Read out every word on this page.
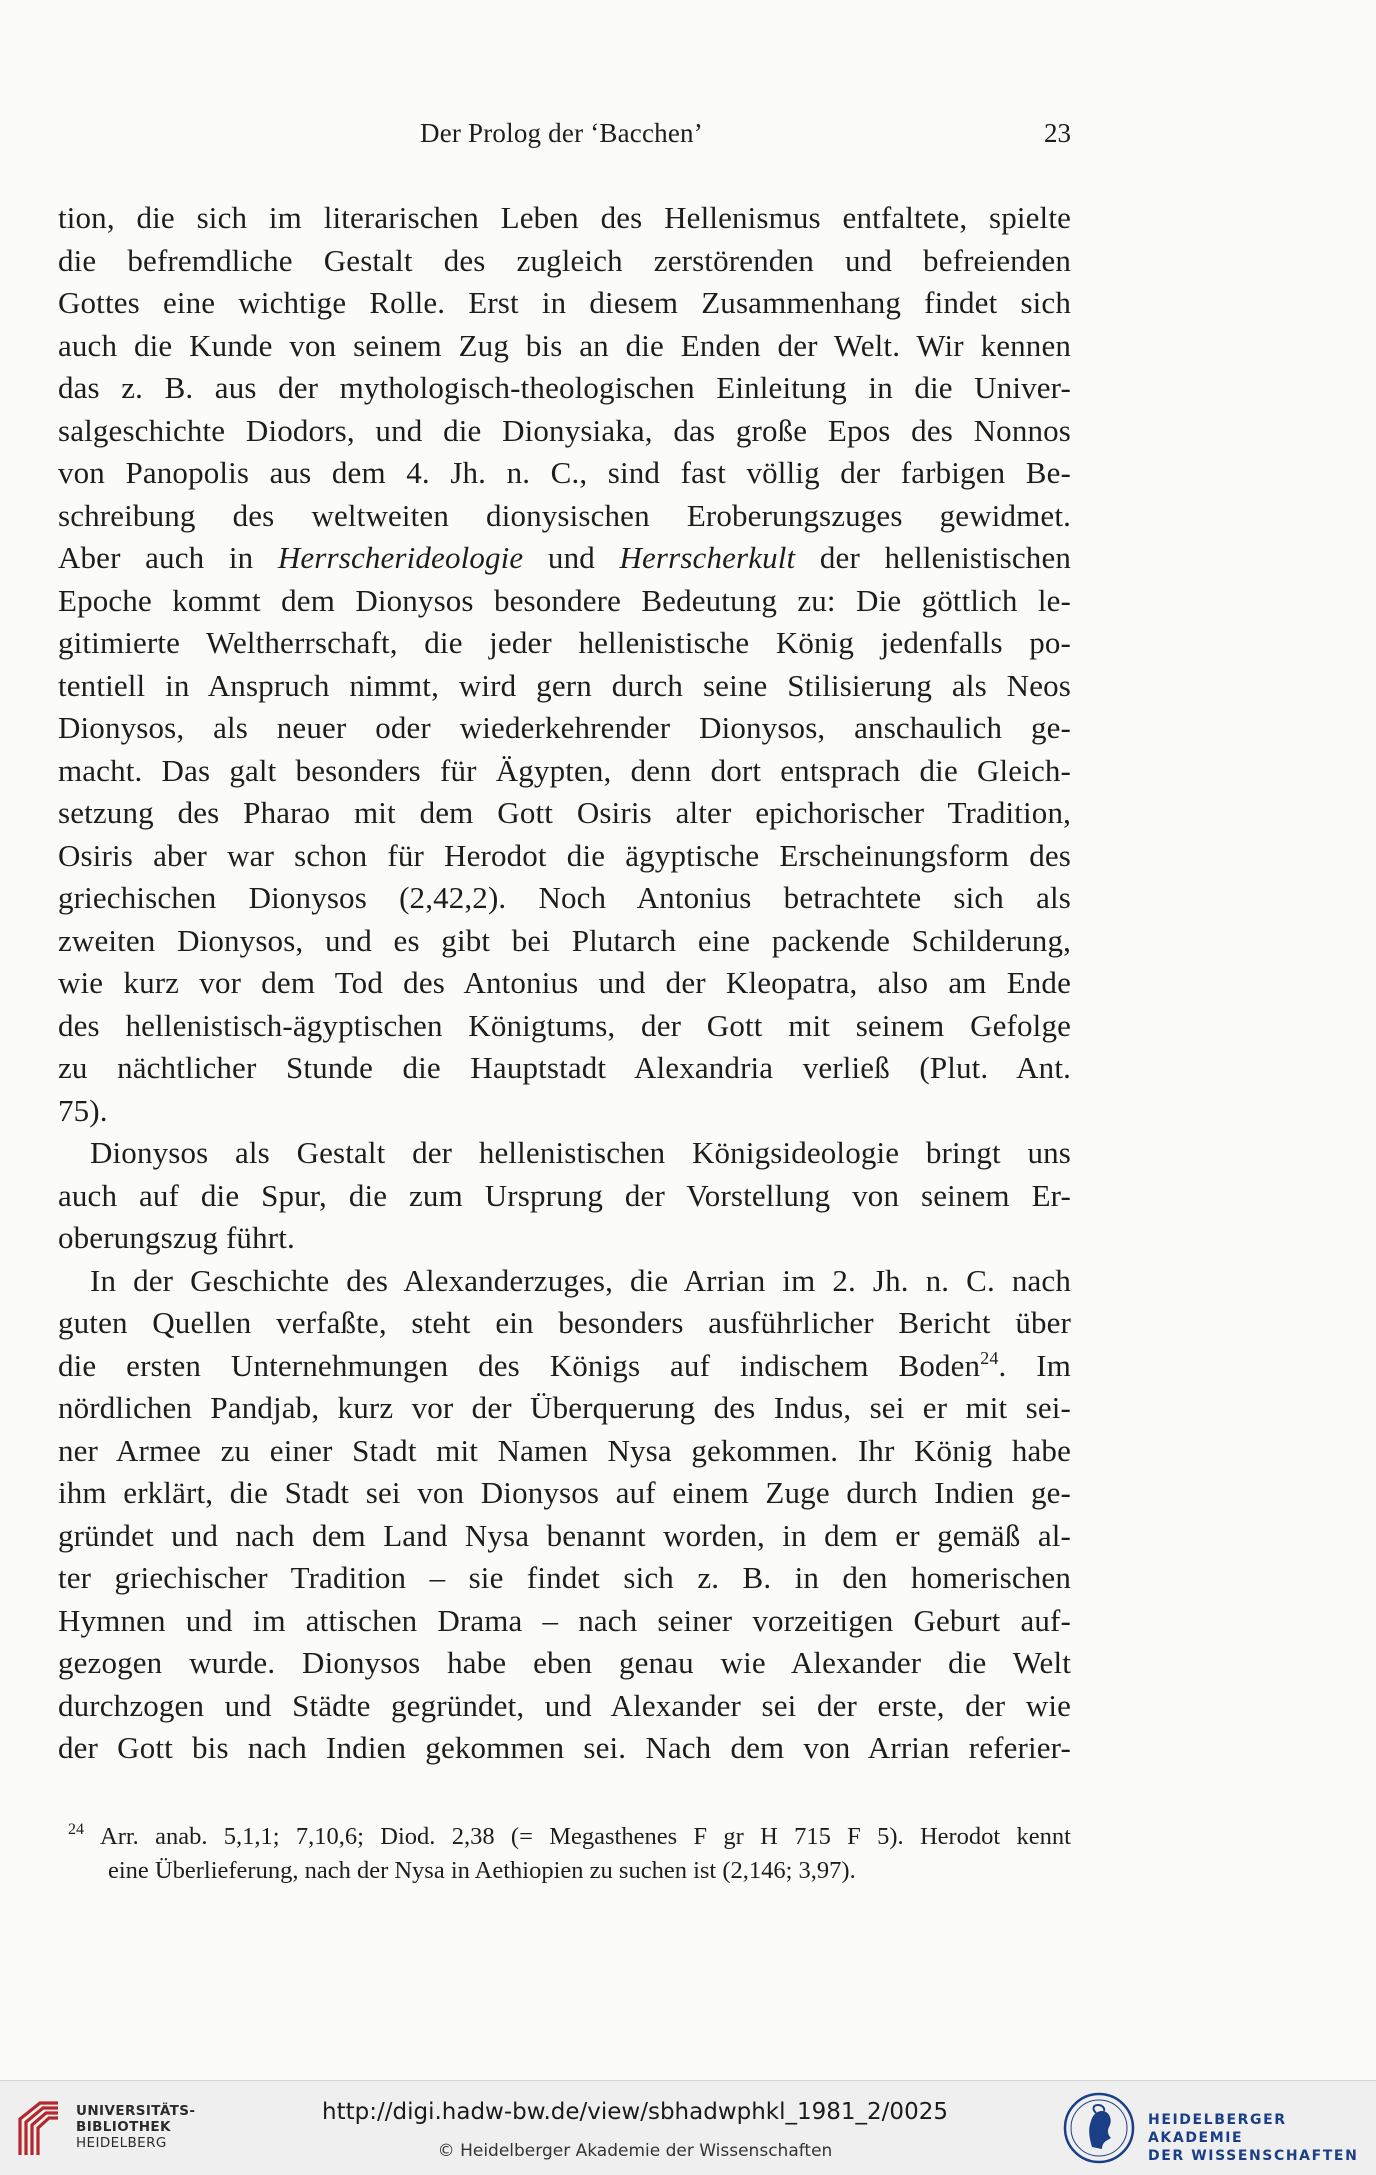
Der Prolog der ‘Bacchen’	23
tion, die sich im literarischen Leben des Hellenismus entfaltete, spielte
die befremdliche Gestalt des zugleich zerstörenden und befreienden
Gottes eine wichtige Rolle. Erst in diesem Zusammenhang findet sich
auch die Kunde von seinem Zug bis an die Enden der Welt. Wir kennen
das z. B. aus der mythologisch-theologischen Einleitung in die Univer-
salgeschichte Diodors, und die Dionysiaka, das große Epos des Nonnos
von Panopolis aus dem 4. Jh. n. C., sind fast völlig der farbigen Be-
schreibung des weltweiten dionysischen Eroberungszuges gewidmet.
Aber auch in Herrscherideologie und Herrscherkult der hellenistischen
Epoche kommt dem Dionysos besondere Bedeutung zu: Die göttlich le-
gitimierte Weltherrschaft, die jeder hellenistische König jedenfalls po-
tentiell in Anspruch nimmt, wird gern durch seine Stilisierung als Neos
Dionysos, als neuer oder wiederkehrender Dionysos, anschaulich ge-
macht. Das galt besonders für Ägypten, denn dort entsprach die Gleich-
setzung des Pharao mit dem Gott Osiris alter epichorischer Tradition,
Osiris aber war schon für Herodot die ägyptische Erscheinungsform des
griechischen Dionysos (2,42,2). Noch Antonius betrachtete sich als
zweiten Dionysos, und es gibt bei Plutarch eine packende Schilderung,
wie kurz vor dem Tod des Antonius und der Kleopatra, also am Ende
des hellenistisch-ägyptischen Königtums, der Gott mit seinem Gefolge
zu nächtlicher Stunde die Hauptstadt Alexandria verließ (Plut. Ant.
75).
Dionysos als Gestalt der hellenistischen Königsideologie bringt uns
auch auf die Spur, die zum Ursprung der Vorstellung von seinem Er-
oberungszug führt.
In der Geschichte des Alexanderzuges, die Arrian im 2. Jh. n. C. nach
guten Quellen verfaßte, steht ein besonders ausführlicher Bericht über
die ersten Unternehmungen des Königs auf indischem Boden$^{24}$. Im
nördlichen Pandjab, kurz vor der Überquerung des Indus, sei er mit sei-
ner Armee zu einer Stadt mit Namen Nysa gekommen. Ihr König habe
ihm erklärt, die Stadt sei von Dionysos auf einem Zuge durch Indien ge-
gründet und nach dem Land Nysa benannt worden, in dem er gemäß al-
ter griechischer Tradition – sie findet sich z. B. in den homerischen
Hymnen und im attischen Drama – nach seiner vorzeitigen Geburt auf-
gezogen wurde. Dionysos habe eben genau wie Alexander die Welt
durchzogen und Städte gegründet, und Alexander sei der erste, der wie
der Gott bis nach Indien gekommen sei. Nach dem von Arrian referier-
$^{24}$ Arr. anab. 5,1,1; 7,10,6; Diod. 2,38 (= Megasthenes F gr H 715 F 5). Herodot kennt
eine Überlieferung, nach der Nysa in Aethiopien zu suchen ist (2,146; 3,97).
UNIVERSITÄTS-
BIBLIOTHEK
HEIDELBERG
http://digi.hadw-bw.de/view/sbhadwphkl_1981_2/0025
© Heidelberger Akademie der Wissenschaften
HEIDELBERGER AKADEMIE
DER WISSENSCHAFTEN
